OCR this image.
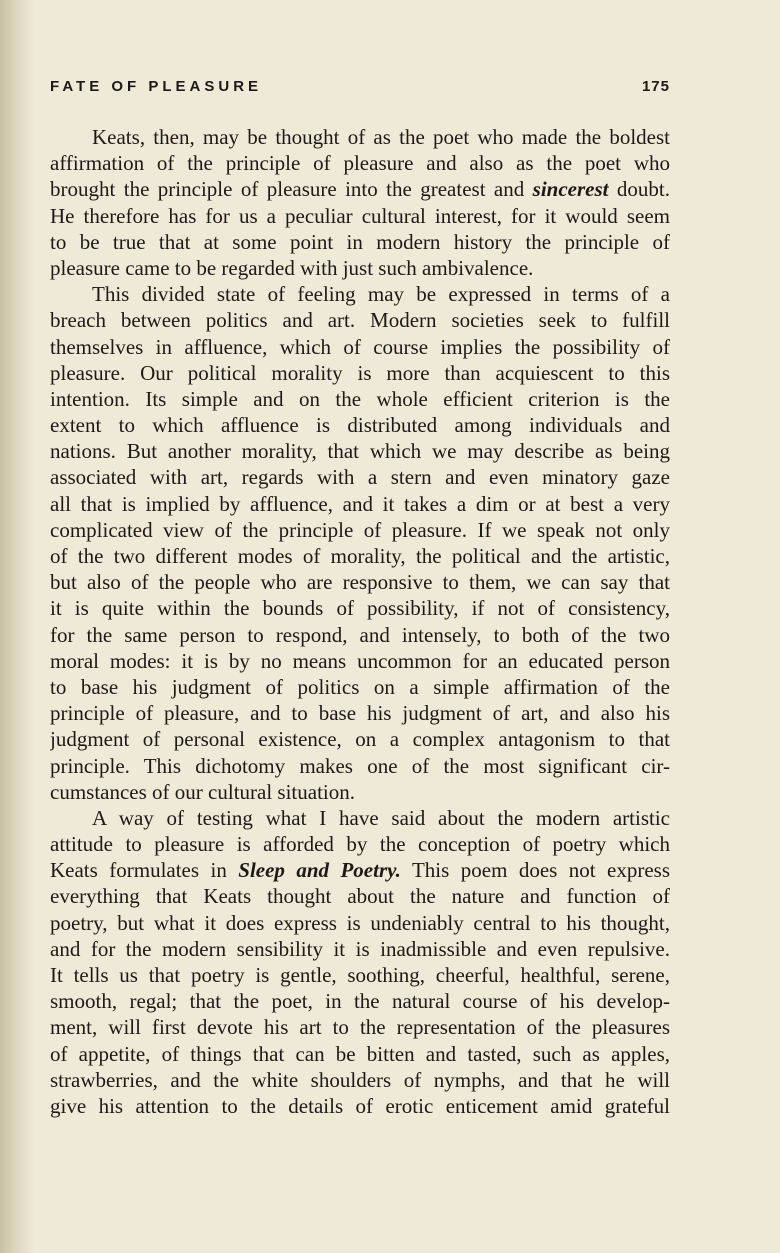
FATE OF PLEASURE	175
Keats, then, may be thought of as the poet who made the boldest
affirmation of the principle of pleasure and also as the poet who
brought the principle of pleasure into the greatest and sincerest doubt.
He therefore has for us a peculiar cultural interest, for it would seem
to be true that at some point in modern history the principle of
pleasure came to be regarded with just such ambivalence.
This divided state of feeling may be expressed in terms of a
breach between politics and art. Modern societies seek to fulfill
themselves in affluence, which of course implies the possibility of
pleasure. Our political morality is more than acquiescent to this
intention. Its simple and on the whole efficient criterion is the
extent to which affluence is distributed among individuals and
nations. But another morality, that which we may describe as being
associated with art, regards with a stern and even minatory gaze
all that is implied by affluence, and it takes a dim or at best a very
complicated view of the principle of pleasure. If we speak not only
of the two different modes of morality, the political and the artistic,
but also of the people who are responsive to them, we can say that
it is quite within the bounds of possibility, if not of consistency,
for the same person to respond, and intensely, to both of the two
moral modes: it is by no means uncommon for an educated person
to base his judgment of politics on a simple affirmation of the
principle of pleasure, and to base his judgment of art, and also his
judgment of personal existence, on a complex antagonism to that
principle. This dichotomy makes one of the most significant cir-
cumstances of our cultural situation.
A way of testing what I have said about the modern artistic
attitude to pleasure is afforded by the conception of poetry which
Keats formulates in Sleep and Poetry. This poem does not express
everything that Keats thought about the nature and function of
poetry, but what it does express is undeniably central to his thought,
and for the modern sensibility it is inadmissible and even repulsive.
It tells us that poetry is gentle, soothing, cheerful, healthful, serene,
smooth, regal; that the poet, in the natural course of his develop-
ment, will first devote his art to the representation of the pleasures
of appetite, of things that can be bitten and tasted, such as apples,
strawberries, and the white shoulders of nymphs, and that he will
give his attention to the details of erotic enticement amid grateful
